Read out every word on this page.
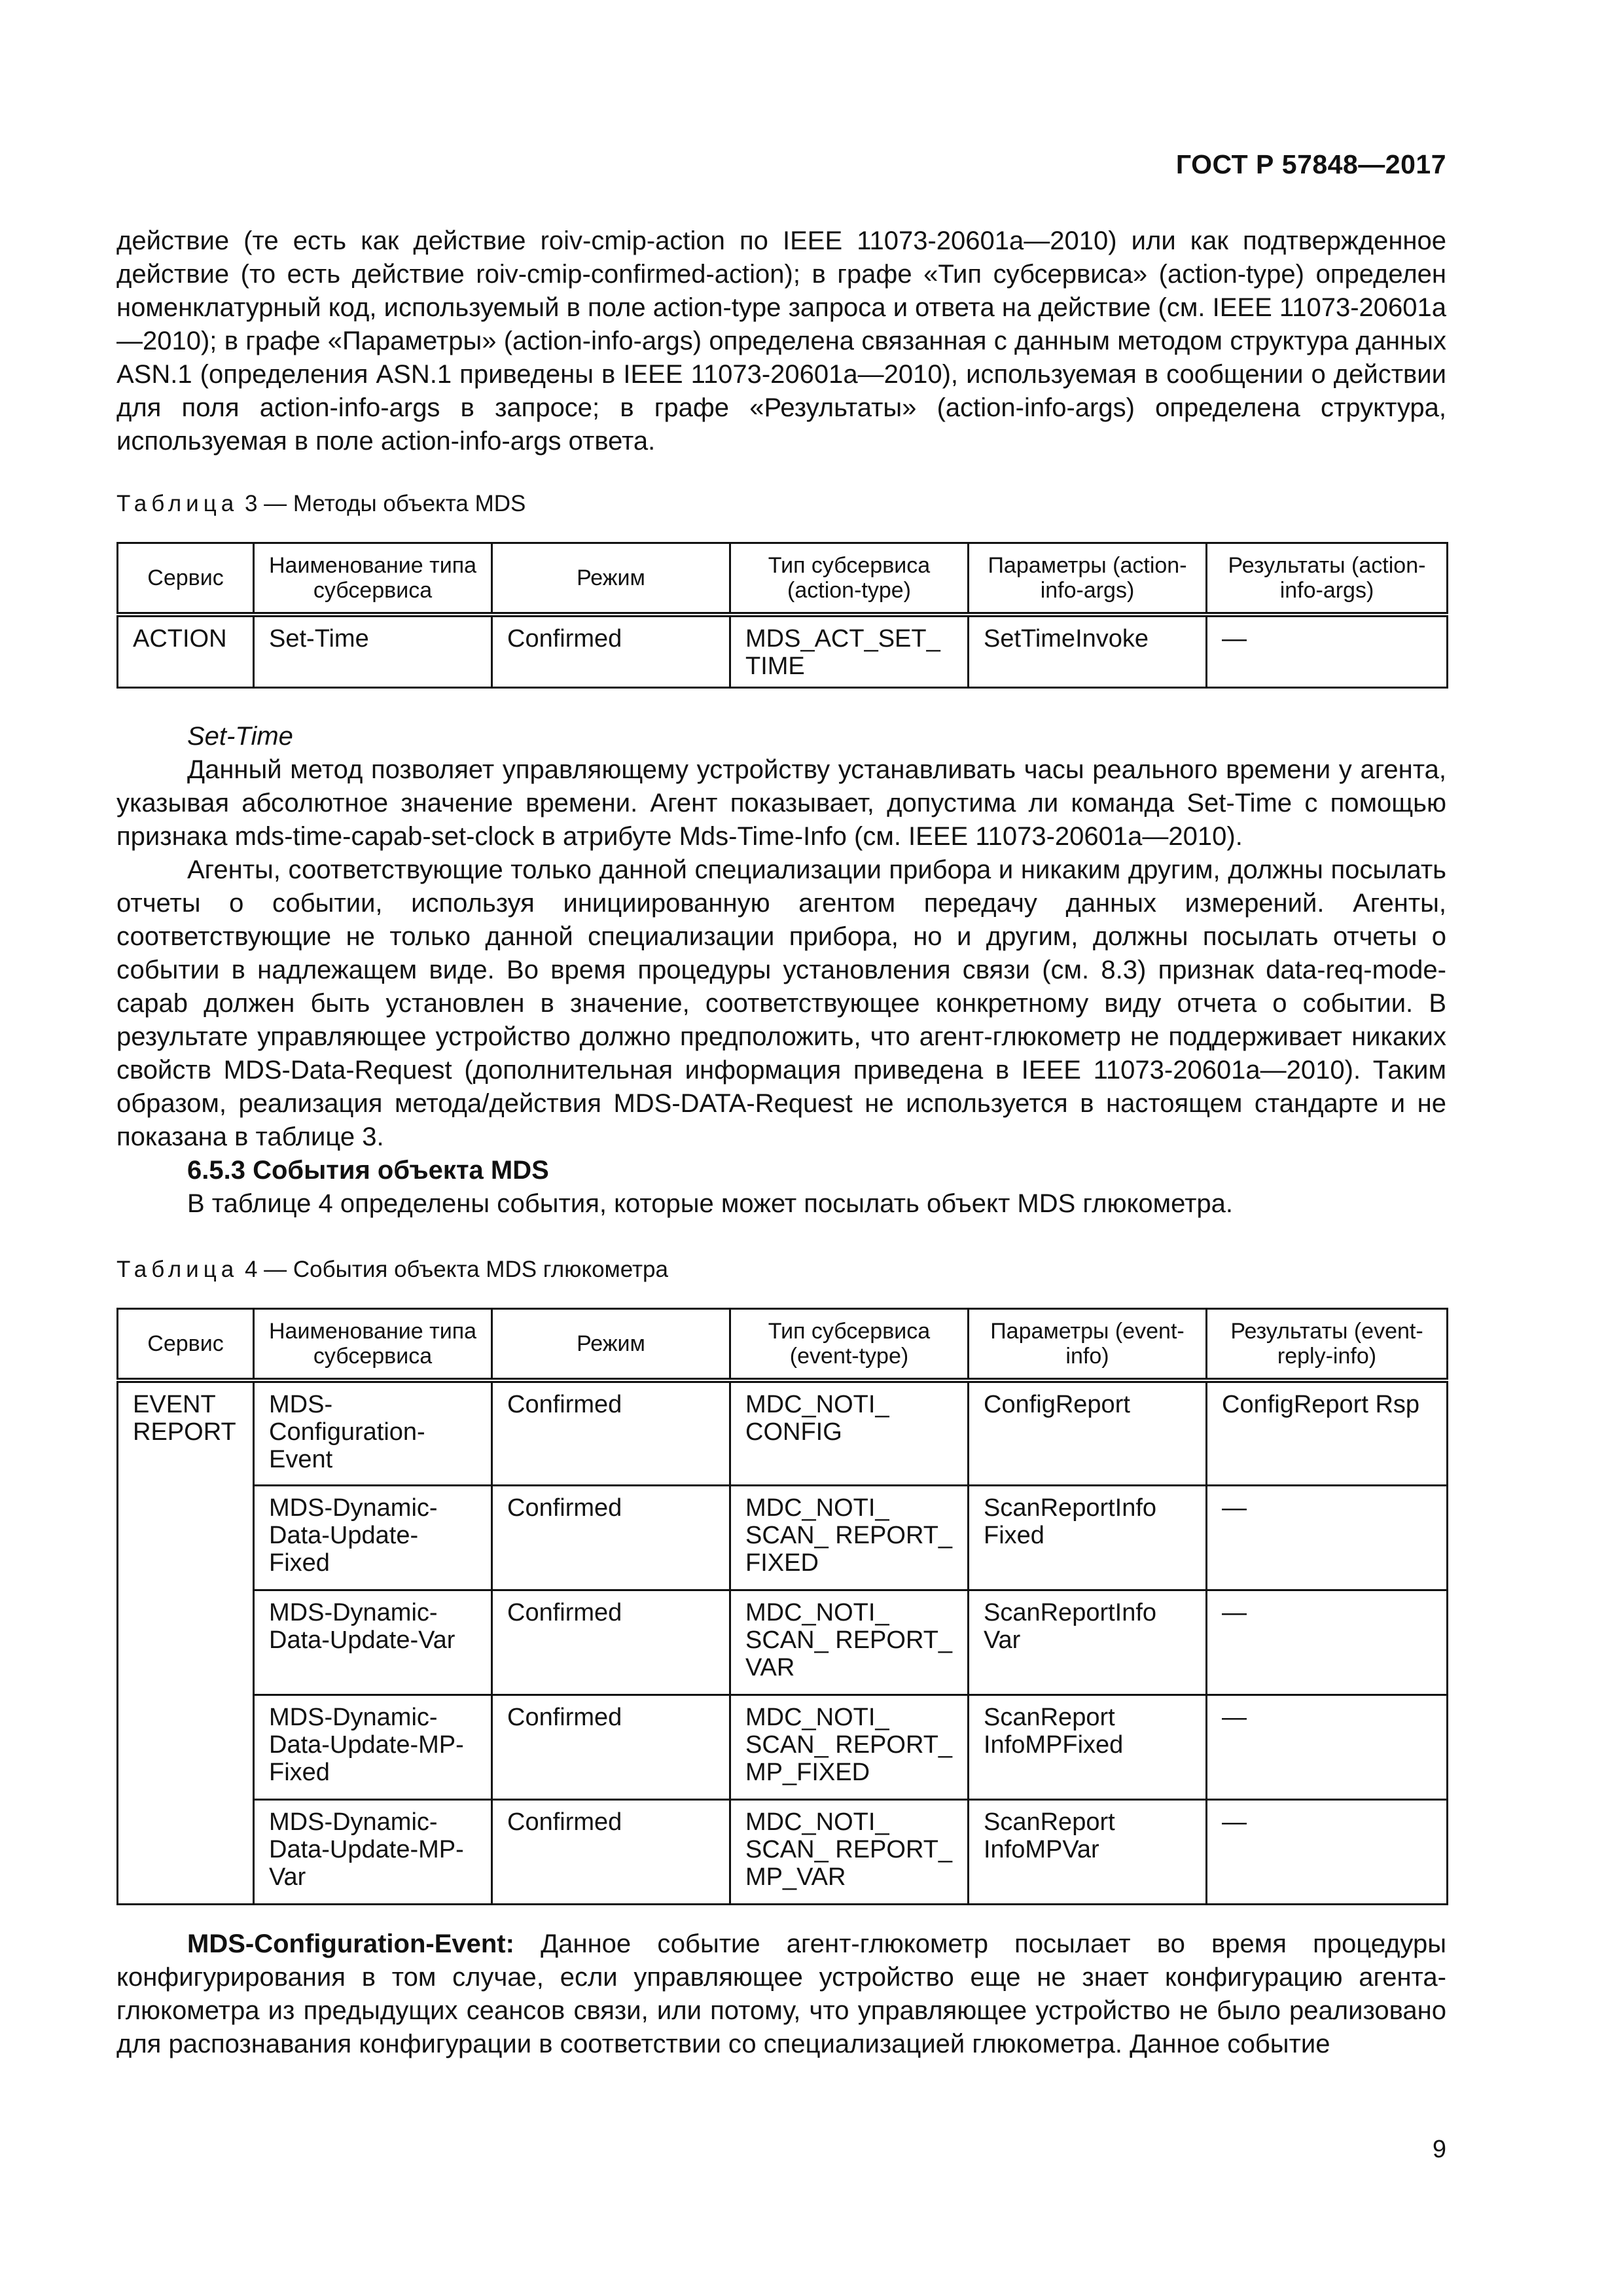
ГОСТ Р 57848—2017

действие (те есть как действие roiv-cmip-action по IEEE 11073-20601a—2010) или как подтвержденное действие (то есть действие roiv-cmip-confirmed-action); в графе «Тип субсервиса» (action-type) определен номенклатурный код, используемый в поле action-type запроса и ответа на действие (см. IEEE 11073-20601a—2010); в графе «Параметры» (action-info-args) определена связанная с данным методом структура данных ASN.1 (определения ASN.1 приведены в IEEE 11073-20601a—2010), используемая в сообщении о действии для поля action-info-args в запросе; в графе «Результаты» (action-info-args) определена структура, используемая в поле action-info-args ответа.

Таблица 3 — Методы объекта MDS
Сервис	Наименование типа субсервиса	Режим	Тип субсервиса (action-type)	Параметры (action-info-args)	Результаты (action-info-args)
ACTION	Set-Time	Confirmed	MDS_ACT_SET_ TIME	SetTimeInvoke	—

Set-Time

Данный метод позволяет управляющему устройству устанавливать часы реального времени у агента, указывая абсолютное значение времени. Агент показывает, допустима ли команда Set-Time с помощью признака mds-time-capab-set-clock в атрибуте Mds-Time-Info (см. IEEE 11073-20601a—2010).

Агенты, соответствующие только данной специализации прибора и никаким другим, должны посылать отчеты о событии, используя инициированную агентом передачу данных измерений. Агенты, соответствующие не только данной специализации прибора, но и другим, должны посылать отчеты о событии в надлежащем виде. Во время процедуры установления связи (см. 8.3) признак data-req-mode-capab должен быть установлен в значение, соответствующее конкретному виду отчета о событии. В результате управляющее устройство должно предположить, что агент-глюкометр не поддерживает никаких свойств MDS-Data-Request (дополнительная информация приведена в IEEE 11073-20601a—2010). Таким образом, реализация метода/действия MDS-DATA-Request не используется в настоящем стандарте и не показана в таблице 3.

6.5.3 События объекта MDS

В таблице 4 определены события, которые может посылать объект MDS глюкометра.

Таблица 4 — События объекта MDS глюкометра
Сервис	Наименование типа субсервиса	Режим	Тип субсервиса (event-type)	Параметры (event-info)	Результаты (event-reply-info)
EVENT REPORT	MDS-Configuration-Event	Confirmed	MDC_NOTI_ CONFIG	ConfigReport	ConfigReport Rsp
	MDS-Dynamic-Data-Update-Fixed	Confirmed	MDC_NOTI_ SCAN_ REPORT_ FIXED	ScanReportInfo Fixed	—
	MDS-Dynamic-Data-Update-Var	Confirmed	MDC_NOTI_ SCAN_ REPORT_ VAR	ScanReportInfo Var	—
	MDS-Dynamic-Data-Update-MP-Fixed	Confirmed	MDC_NOTI_ SCAN_ REPORT_ MP_FIXED	ScanReport InfoMPFixed	—
	MDS-Dynamic-Data-Update-MP-Var	Confirmed	MDC_NOTI_ SCAN_ REPORT_ MP_VAR	ScanReport InfoMPVar	—

MDS-Configuration-Event: Данное событие агент-глюкометр посылает во время процедуры конфигурирования в том случае, если управляющее устройство еще не знает конфигурацию агента-глюкометра из предыдущих сеансов связи, или потому, что управляющее устройство не было реализовано для распознавания конфигурации в соответствии со специализацией глюкометра. Данное событие

9
